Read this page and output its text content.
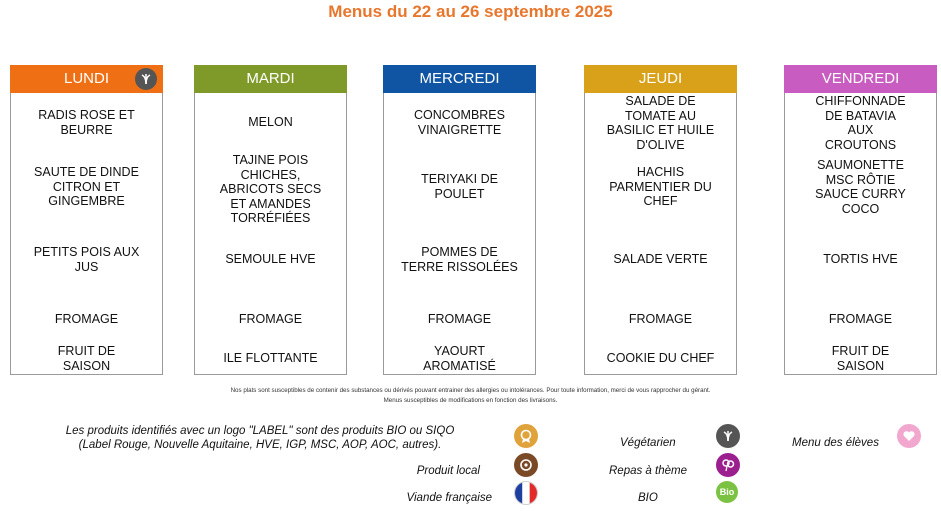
Menus du 22 au 26 septembre 2025
LUNDI
RADIS ROSE ET
BEURRE
SAUTE DE DINDE
CITRON ET
GINGEMBRE
PETITS POIS AUX
JUS
FROMAGE
FRUIT DE
SAISON
MARDI
MELON
TAJINE POIS
CHICHES,
ABRICOTS SECS
ET AMANDES
TORRÉFIÉES
SEMOULE HVE
FROMAGE
ILE FLOTTANTE
MERCREDI
CONCOMBRES
VINAIGRETTE
TERIYAKI DE
POULET
POMMES DE
TERRE RISSOLÉES
FROMAGE
YAOURT
AROMATISÉ
JEUDI
SALADE DE
TOMATE AU
BASILIC ET HUILE
D'OLIVE
HACHIS
PARMENTIER DU
CHEF
SALADE VERTE
FROMAGE
COOKIE DU CHEF
VENDREDI
CHIFFONNADE
DE BATAVIA
AUX
CROUTONS
SAUMONETTE
MSC RÔTIE
SAUCE CURRY
COCO
TORTIS HVE
FROMAGE
FRUIT DE
SAISON
Nos plats sont susceptibles de contenir des substances ou dérivés pouvant entrainer des allergies ou intolérances. Pour toute information, merci de vous rapprocher du gérant.
Menus susceptibles de modifications en fonction des livraisons.
Les produits identifiés avec un logo "LABEL" sont des produits BIO ou SIQO
(Label Rouge, Nouvelle Aquitaine, HVE, IGP, MSC, AOP, AOC, autres).
Produit local
Viande française
Végétarien
Repas à thème
BIO	Bio
Menu des élèves
